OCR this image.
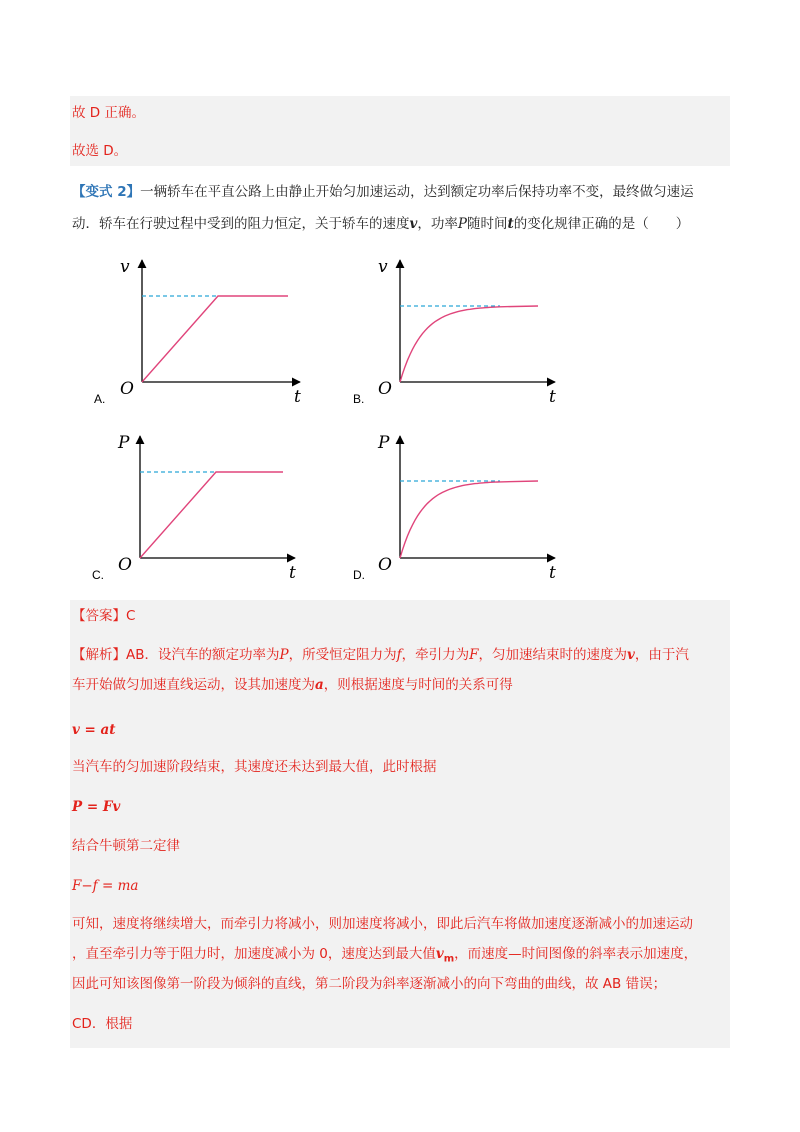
故 D 正确。
故选 D。
【变式 2】一辆轿车在平直公路上由静止开始匀加速运动，达到额定功率后保持功率不变，最终做匀速运
动．轿车在行驶过程中受到的阻力恒定，关于轿车的速度v，功率P随时间t的变化规律正确的是（　　）
v
t
O
A.
v
t
O
B.
P
t
O
C.
P
t
O
D.
【答案】C
【解析】AB．设汽车的额定功率为P，所受恒定阻力为f，牵引力为F，匀加速结束时的速度为v，由于汽
车开始做匀加速直线运动，设其加速度为a，则根据速度与时间的关系可得
v = at
当汽车的匀加速阶段结束，其速度还未达到最大值，此时根据
P = Fv
结合牛顿第二定律
F−f = ma
可知，速度将继续增大，而牵引力将减小，则加速度将减小，即此后汽车将做加速度逐渐减小的加速运动
，直至牵引力等于阻力时，加速度减小为 0，速度达到最大值$v_m$，而速度—时间图像的斜率表示加速度，
因此可知该图像第一阶段为倾斜的直线，第二阶段为斜率逐渐减小的向下弯曲的曲线，故 AB 错误；
CD．根据
